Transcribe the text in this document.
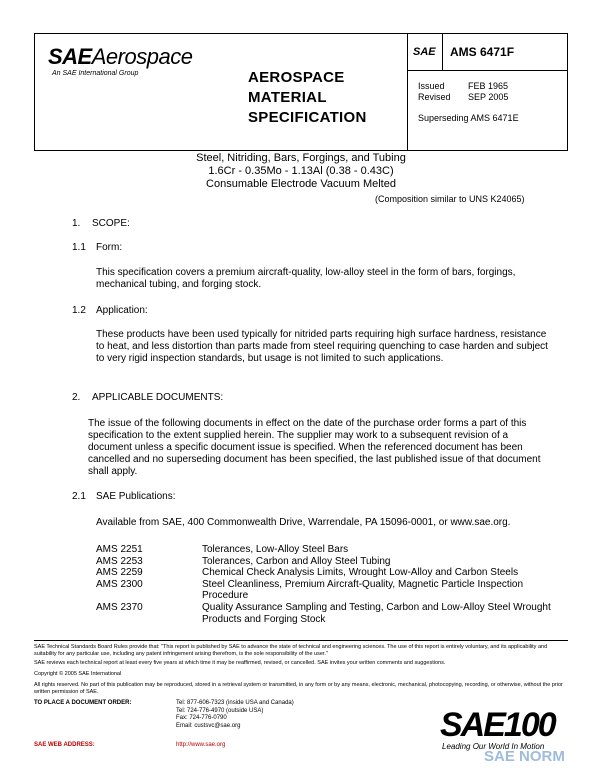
SAEAerospace
An SAE International Group	AEROSPACE
MATERIAL
SPECIFICATION
SAE AMS 6471F
Issued	FEB 1965
Revised SEP 2005
Superseding AMS 6471E
Steel, Nitriding, Bars, Forgings, and Tubing
1.6Cr - 0.35Mo - 1.13Al (0.38 - 0.43C)
Consumable Electrode Vacuum Melted
(Composition similar to UNS K24065)
1. SCOPE:
1.1 Form:
This specification covers a premium aircraft-quality, low-alloy steel in the form of bars, forgings, mechanical tubing, and forging stock.
1.2 Application:
These products have been used typically for nitrided parts requiring high surface hardness, resistance to heat, and less distortion than parts made from steel requiring quenching to case harden and subject to very rigid inspection standards, but usage is not limited to such applications.
2. APPLICABLE DOCUMENTS:
The issue of the following documents in effect on the date of the purchase order forms a part of this specification to the extent supplied herein. The supplier may work to a subsequent revision of a document unless a specific document issue is specified. When the referenced document has been cancelled and no superseding document has been specified, the last published issue of that document shall apply.
2.1 SAE Publications:
Available from SAE, 400 Commonwealth Drive, Warrendale, PA 15096-0001, or www.sae.org.
AMS 2251	Tolerances, Low-Alloy Steel Bars
AMS 2253	Tolerances, Carbon and Alloy Steel Tubing
AMS 2259	Chemical Check Analysis Limits, Wrought Low-Alloy and Carbon Steels
AMS 2300	Steel Cleanliness, Premium Aircraft-Quality, Magnetic Particle Inspection Procedure
AMS 2370	Quality Assurance Sampling and Testing, Carbon and Low-Alloy Steel Wrought Products and Forging Stock
SAE Technical Standards Board Rules provide that: "This report is published by SAE to advance the state of technical and engineering sciences. The use of this report is entirely voluntary, and its applicability and suitability for any particular use, including any patent infringement arising therefrom, is the sole responsibility of the user."
SAE reviews each technical report at least every five years at which time it may be reaffirmed, revised, or cancelled. SAE invites your written comments and suggestions.
Copyright © 2005 SAE International
All rights reserved. No part of this publication may be reproduced, stored in a retrieval system or transmitted, in any form or by any means, electronic, mechanical, photocopying, recording, or otherwise, without the prior written permission of SAE.
TO PLACE A DOCUMENT ORDER:	Tel: 877-606-7323 (inside USA and Canada)
Tel: 724-776-4970 (outside USA)
Fax: 724-776-0790
Email: custsvc@sae.org
SAE WEB ADDRESS:	http://www.sae.org
SAE100
Leading Our World In Motion
SAE NORM
